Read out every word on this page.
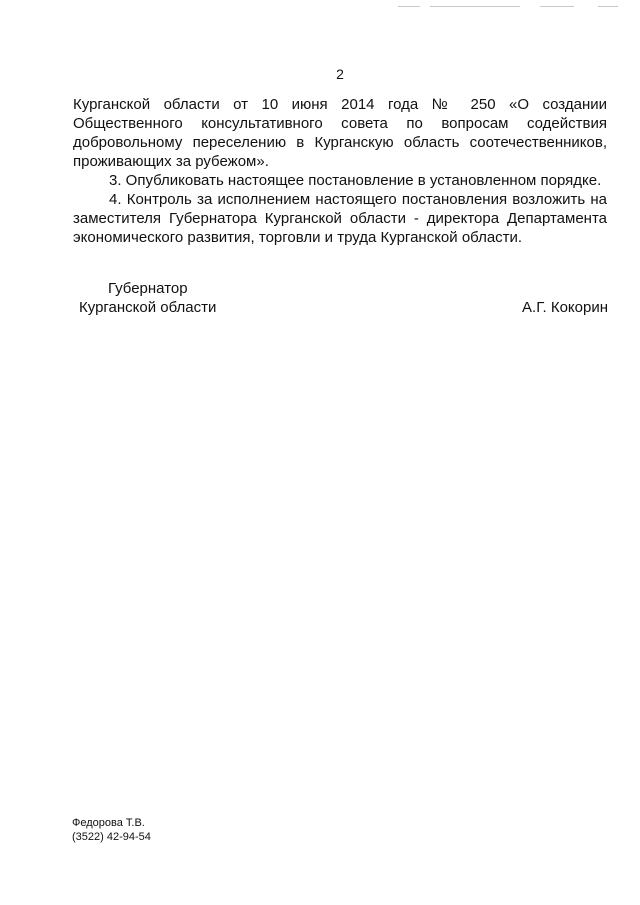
2

Курганской области от 10 июня 2014 года № 250 «О создании Общественного консультативного совета по вопросам содействия добровольному переселению в Курганскую область соотечественников, проживающих за рубежом».

3. Опубликовать настоящее постановление в установленном порядке.

4. Контроль за исполнением настоящего постановления возложить на заместителя Губернатора Курганской области - директора Департамента экономического развития, торговли и труда Курганской области.

Губернатор
Курганской области	А.Г. Кокорин
Федорова Т.В.
(3522) 42-94-54
